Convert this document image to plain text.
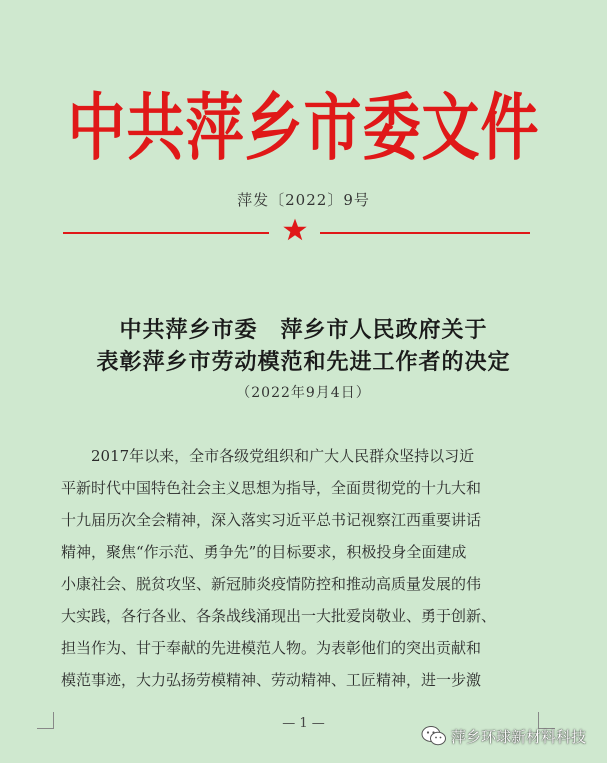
中共萍乡市委文件
萍发〔2022〕9号
中共萍乡市委　萍乡市人民政府关于
表彰萍乡市劳动模范和先进工作者的决定
（2022年9月4日）
　　2017年以来，全市各级党组织和广大人民群众坚持以习近
平新时代中国特色社会主义思想为指导，全面贯彻党的十九大和
十九届历次全会精神，深入落实习近平总书记视察江西重要讲话
精神，聚焦“作示范、勇争先”的目标要求，积极投身全面建成
小康社会、脱贫攻坚、新冠肺炎疫情防控和推动高质量发展的伟
大实践，各行各业、各条战线涌现出一大批爱岗敬业、勇于创新、
担当作为、甘于奉献的先进模范人物。为表彰他们的突出贡献和
模范事迹，大力弘扬劳模精神、劳动精神、工匠精神，进一步激
— 1 —
萍乡环球新材料科技
